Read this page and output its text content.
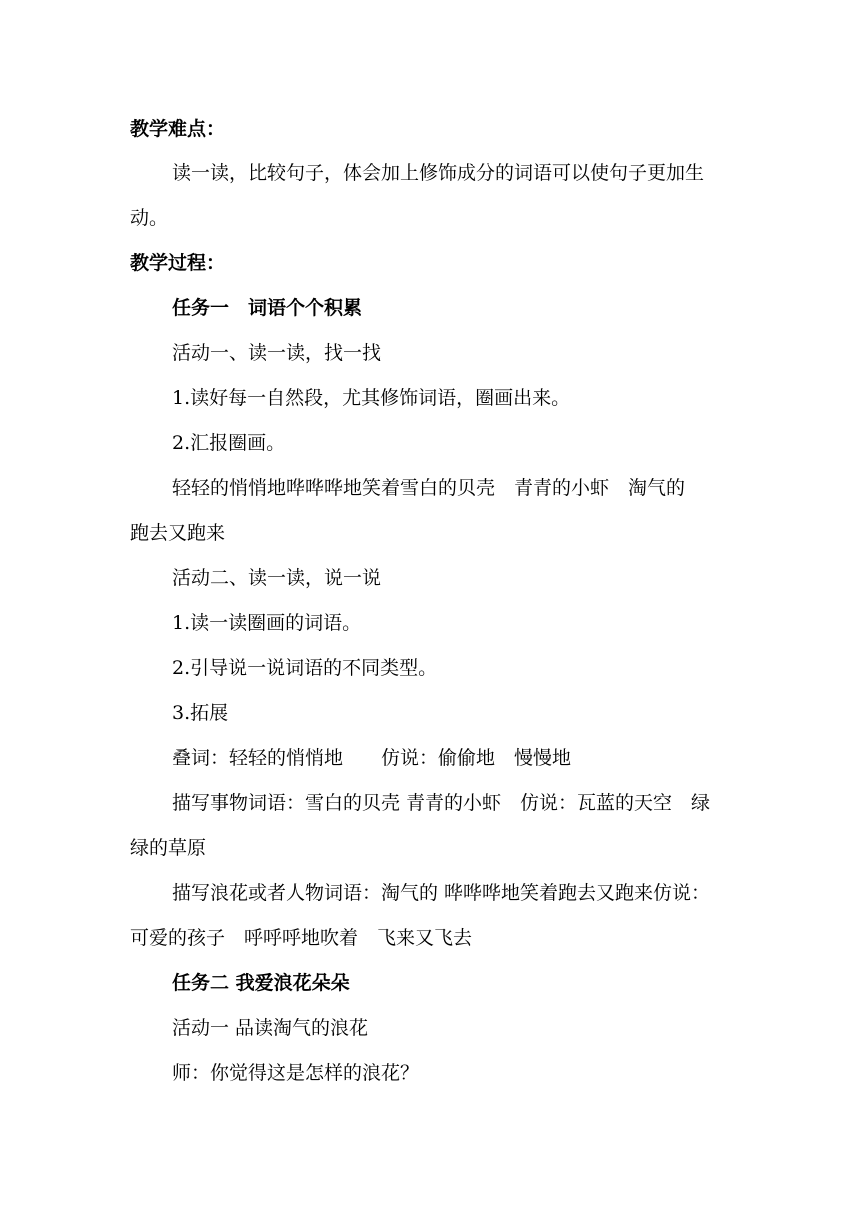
教学难点：
读一读，比较句子，体会加上修饰成分的词语可以使句子更加生
动。
教学过程：
任务一　词语个个积累
活动一、读一读，找一找
1.读好每一自然段，尤其修饰词语，圈画出来。
2.汇报圈画。
轻轻的悄悄地哗哗哗地笑着雪白的贝壳　青青的小虾　淘气的
跑去又跑来
活动二、读一读，说一说
1.读一读圈画的词语。
2.引导说一说词语的不同类型。
3.拓展
叠词：轻轻的悄悄地　　仿说：偷偷地　慢慢地
描写事物词语：雪白的贝壳 青青的小虾　仿说：瓦蓝的天空　绿
绿的草原
描写浪花或者人物词语：淘气的 哗哗哗地笑着跑去又跑来仿说：
可爱的孩子　呼呼呼地吹着　飞来又飞去
任务二 我爱浪花朵朵
活动一 品读淘气的浪花
师：你觉得这是怎样的浪花？
